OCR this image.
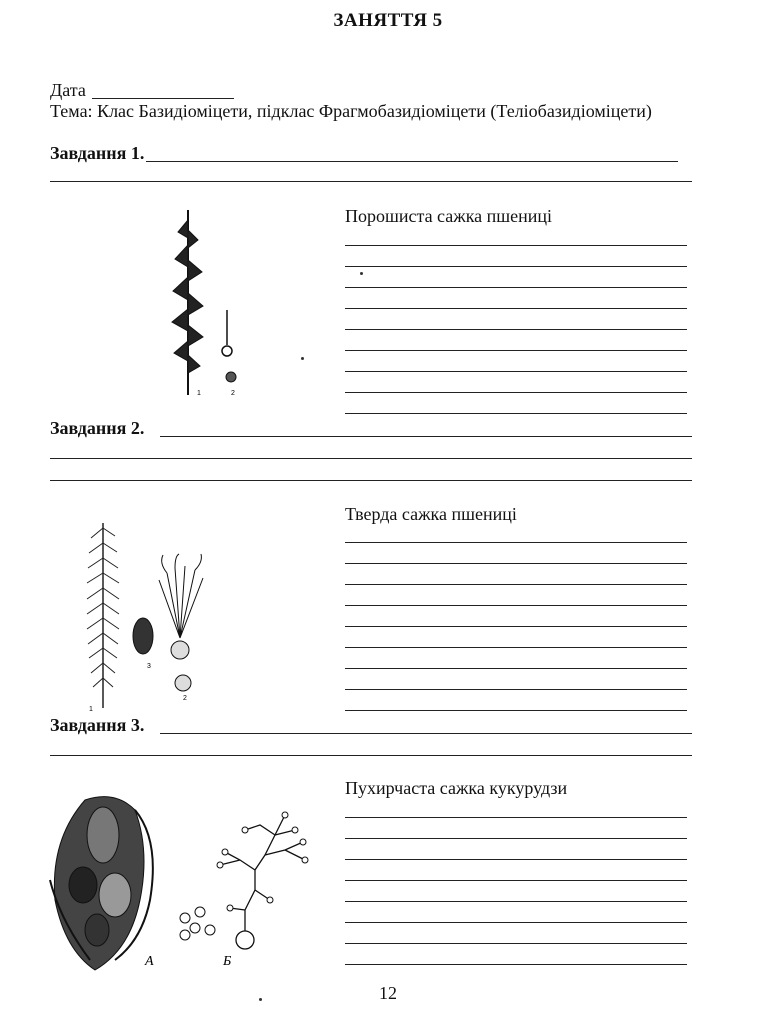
ЗАНЯТТЯ 5
Дата
Тема: Клас Базидіоміцети, підклас Фрагмобазидіоміцети (Теліобазидіоміцети)
Завдання 1.
Порошиста сажка пшениці
1	2
Завдання 2.
Тверда сажка пшениці
1
2
3
Завдання 3.
Пухирчаста сажка кукурудзи
А	Б
12
